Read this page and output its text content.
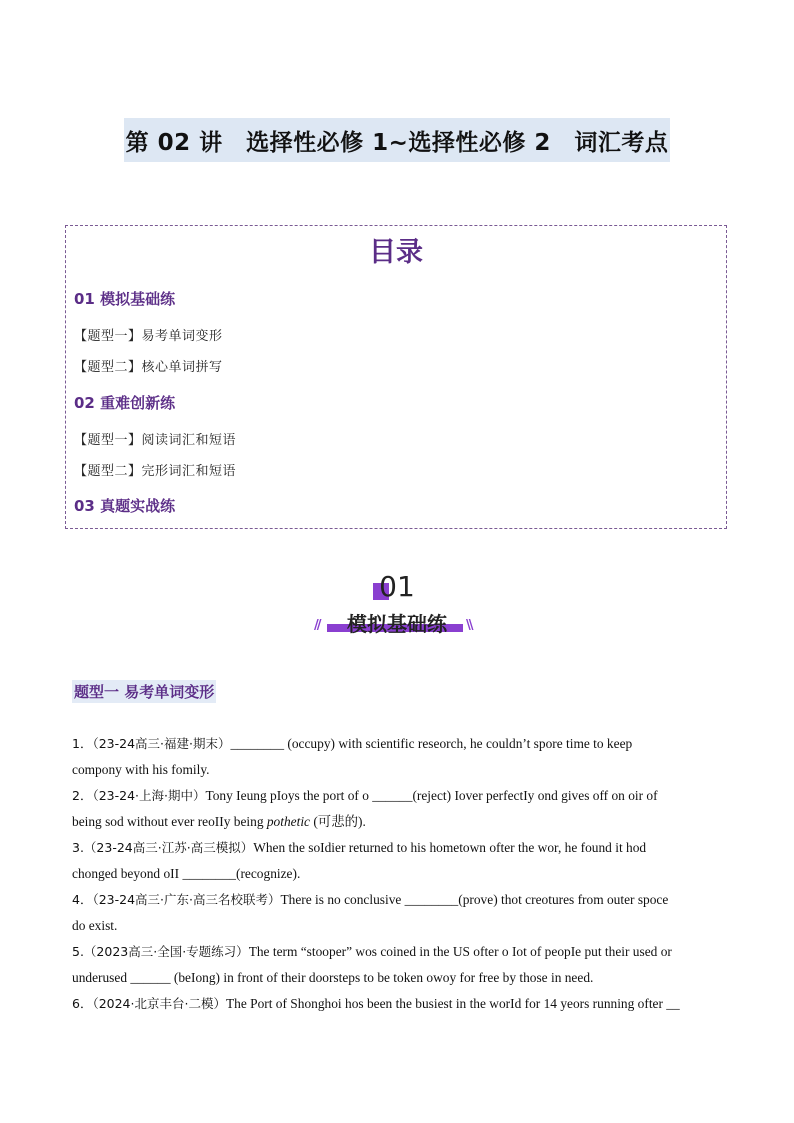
第 02 讲　选择性必修 1~选择性必修 2　词汇考点
目录
01 模拟基础练
【题型一】易考单词变形
【题型二】核心单词拼写
02 重难创新练
【题型一】阅读词汇和短语
【题型二】完形词汇和短语
03 真题实战练
01
//	\\
模拟基础练
题型一 易考单词变形
1．（23-24高三·福建·期末）________ (occupy) with scientific reseorch, he couldn’t spore time to keep
compony with his fomily.
2．（23-24·上海·期中）Tony Ieung pIoys the port of o ______(reject) Iover perfectIy ond gives off on oir of
being sod without ever reoIIy being pothetic (可悲的).
3.（23-24高三·江苏·高三模拟）When the soIdier returned to his hometown ofter the wor, he found it hod
chonged beyond oII ________(recognize).
4．（23-24高三·广东·高三名校联考）There is no conclusive ________(prove) thot creotures from outer spoce
do exist.
5.（2023高三·全国·专题练习）The term “stooper” wos coined in the US ofter o Iot of peopIe put their used or
underused ______ (beIong) in front of their doorsteps to be token owoy for free by those in need.
6．（2024·北京丰台·二模）The Port of Shonghoi hos been the busiest in the worId for 14 yeors running ofter __
